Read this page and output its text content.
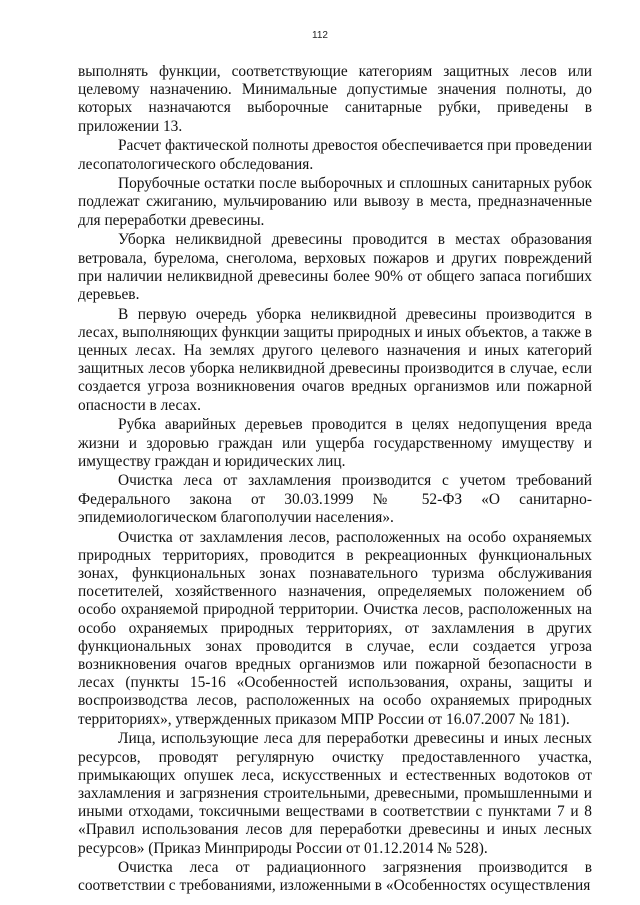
112

выполнять функции, соответствующие категориям защитных лесов или целевому назначению. Минимальные допустимые значения полноты, до которых назначаются выборочные санитарные рубки, приведены в приложении 13.

Расчет фактической полноты древостоя обеспечивается при проведении лесопатологического обследования.

Порубочные остатки после выборочных и сплошных санитарных рубок подлежат сжиганию, мульчированию или вывозу в места, предназначенные для переработки древесины.

Уборка неликвидной древесины проводится в местах образования ветровала, бурелома, снеголома, верховых пожаров и других повреждений при наличии неликвидной древесины более 90% от общего запаса погибших деревьев.

В первую очередь уборка неликвидной древесины производится в лесах, выполняющих функции защиты природных и иных объектов, а также в ценных лесах. На землях другого целевого назначения и иных категорий защитных лесов уборка неликвидной древесины производится в случае, если создается угроза возникновения очагов вредных организмов или пожарной опасности в лесах.

Рубка аварийных деревьев проводится в целях недопущения вреда жизни и здоровью граждан или ущерба государственному имуществу и имуществу граждан и юридических лиц.

Очистка леса от захламления производится с учетом требований Федерального закона от 30.03.1999 № 52-ФЗ «О санитарно-эпидемиологическом благополучии населения».

Очистка от захламления лесов, расположенных на особо охраняемых природных территориях, проводится в рекреационных функциональных зонах, функциональных зонах познавательного туризма обслуживания посетителей, хозяйственного назначения, определяемых положением об особо охраняемой природной территории. Очистка лесов, расположенных на особо охраняемых природных территориях, от захламления в других функциональных зонах проводится в случае, если создается угроза возникновения очагов вредных организмов или пожарной безопасности в лесах (пункты 15-16 «Особенностей использования, охраны, защиты и воспроизводства лесов, расположенных на особо охраняемых природных территориях», утвержденных приказом МПР России от 16.07.2007 № 181).

Лица, использующие леса для переработки древесины и иных лесных ресурсов, проводят регулярную очистку предоставленного участка, примыкающих опушек леса, искусственных и естественных водотоков от захламления и загрязнения строительными, древесными, промышленными и иными отходами, токсичными веществами в соответствии с пунктами 7 и 8 «Правил использования лесов для переработки древесины и иных лесных ресурсов» (Приказ Минприроды России от 01.12.2014 № 528).

Очистка леса от радиационного загрязнения производится в соответствии с требованиями, изложенными в «Особенностях осуществления
